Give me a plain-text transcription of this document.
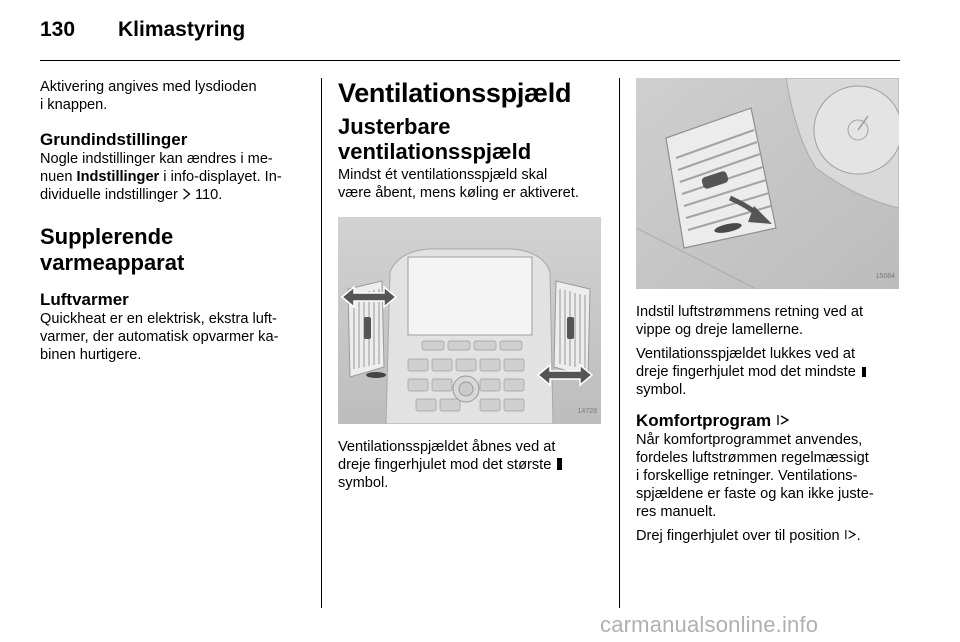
130	Klimastyring

Aktivering angives med lysdioden

i knappen.

Grundindstillinger

Nogle indstillinger kan ændres i me-

nuen Indstillinger i info-displayet. In-

dividuelle indstillinger  110.

Supplerende

varmeapparat

Luftvarmer

Quickheat er en elektrisk, ekstra luft-

varmer, der automatisk opvarmer ka-

binen hurtigere.

Ventilationsspjæld

Justerbare

ventilationsspjæld

Mindst ét ventilationsspjæld skal

være åbent, mens køling er aktiveret.

14728

Ventilationsspjældet åbnes ved at

dreje fingerhjulet mod det største

symbol.

15084

Indstil luftstrømmens retning ved at

vippe og dreje lamellerne.

Ventilationsspjældet lukkes ved at

dreje fingerhjulet mod det mindste

symbol.

Komfortprogram

Når komfortprogrammet anvendes,

fordeles luftstrømmen regelmæssigt

i forskellige retninger. Ventilations-

spjældene er faste og kan ikke juste-

res manuelt.

Drej fingerhjulet over til position .

carmanualsonline.info
